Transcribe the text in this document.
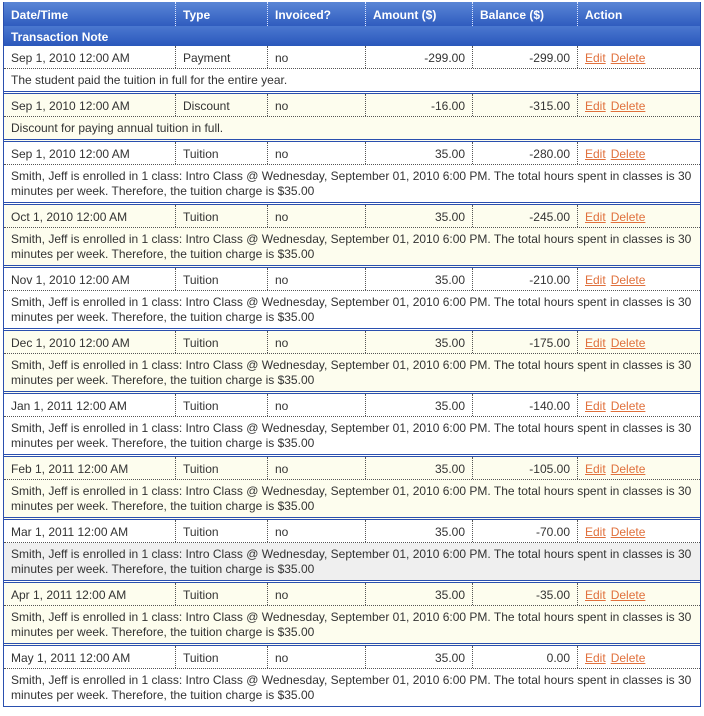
Date/Time	Type	Invoiced?	Amount ($)	Balance ($)	Action
Transaction Note
Sep 1, 2010 12:00 AM	Payment	no	-299.00	-299.00	Edit Delete
The student paid the tuition in full for the entire year.
Sep 1, 2010 12:00 AM	Discount	no	-16.00	-315.00	Edit Delete
Discount for paying annual tuition in full.
Sep 1, 2010 12:00 AM	Tuition	no	35.00	-280.00	Edit Delete
Smith, Jeff is enrolled in 1 class: Intro Class @ Wednesday, September 01, 2010 6:00 PM. The total hours spent in classes is 30 minutes per week. Therefore, the tuition charge is $35.00
Oct 1, 2010 12:00 AM	Tuition	no	35.00	-245.00	Edit Delete
Smith, Jeff is enrolled in 1 class: Intro Class @ Wednesday, September 01, 2010 6:00 PM. The total hours spent in classes is 30 minutes per week. Therefore, the tuition charge is $35.00
Nov 1, 2010 12:00 AM	Tuition	no	35.00	-210.00	Edit Delete
Smith, Jeff is enrolled in 1 class: Intro Class @ Wednesday, September 01, 2010 6:00 PM. The total hours spent in classes is 30 minutes per week. Therefore, the tuition charge is $35.00
Dec 1, 2010 12:00 AM	Tuition	no	35.00	-175.00	Edit Delete
Smith, Jeff is enrolled in 1 class: Intro Class @ Wednesday, September 01, 2010 6:00 PM. The total hours spent in classes is 30 minutes per week. Therefore, the tuition charge is $35.00
Jan 1, 2011 12:00 AM	Tuition	no	35.00	-140.00	Edit Delete
Smith, Jeff is enrolled in 1 class: Intro Class @ Wednesday, September 01, 2010 6:00 PM. The total hours spent in classes is 30 minutes per week. Therefore, the tuition charge is $35.00
Feb 1, 2011 12:00 AM	Tuition	no	35.00	-105.00	Edit Delete
Smith, Jeff is enrolled in 1 class: Intro Class @ Wednesday, September 01, 2010 6:00 PM. The total hours spent in classes is 30 minutes per week. Therefore, the tuition charge is $35.00
Mar 1, 2011 12:00 AM	Tuition	no	35.00	-70.00	Edit Delete
Smith, Jeff is enrolled in 1 class: Intro Class @ Wednesday, September 01, 2010 6:00 PM. The total hours spent in classes is 30 minutes per week. Therefore, the tuition charge is $35.00
Apr 1, 2011 12:00 AM	Tuition	no	35.00	-35.00	Edit Delete
Smith, Jeff is enrolled in 1 class: Intro Class @ Wednesday, September 01, 2010 6:00 PM. The total hours spent in classes is 30 minutes per week. Therefore, the tuition charge is $35.00
May 1, 2011 12:00 AM	Tuition	no	35.00	0.00	Edit Delete
Smith, Jeff is enrolled in 1 class: Intro Class @ Wednesday, September 01, 2010 6:00 PM. The total hours spent in classes is 30 minutes per week. Therefore, the tuition charge is $35.00
